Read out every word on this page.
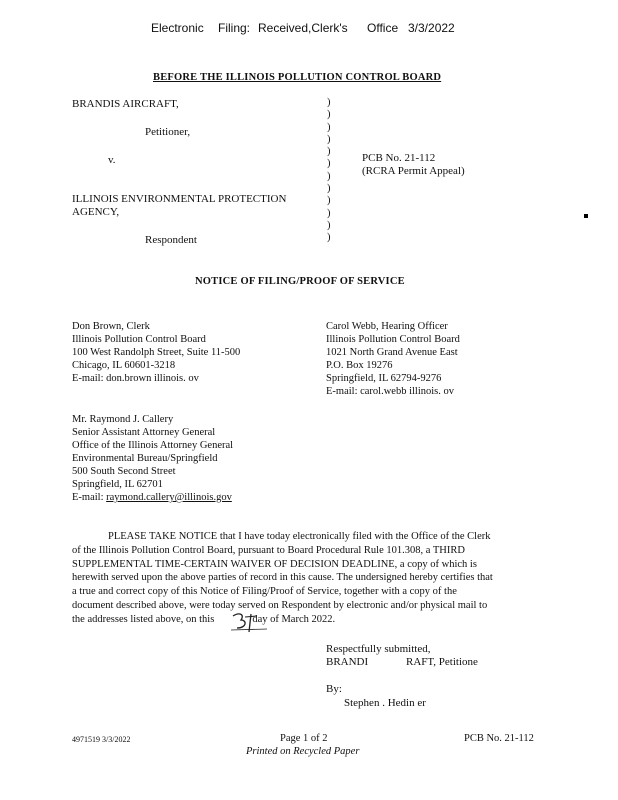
Electronic Filing: Received,Clerk's Office 3/3/2022
BEFORE THE ILLINOIS POLLUTION CONTROL BOARD
BRANDIS AIRCRAFT,
Petitioner,
v.
ILLINOIS ENVIRONMENTAL PROTECTION
AGENCY,
Respondent
)
)
)
)
)
)
)
)
)
)
)
)
PCB No. 21-112
(RCRA Permit Appeal)
NOTICE OF FILING/PROOF OF SERVICE
Don Brown, Clerk
Illinois Pollution Control Board
100 West Randolph Street, Suite 11-500
Chicago, IL 60601-3218
E-mail: don.brown illinois. ov
Carol Webb, Hearing Officer
Illinois Pollution Control Board
1021 North Grand Avenue East
P.O. Box 19276
Springfield, IL 62794-9276
E-mail: carol.webb illinois. ov
Mr. Raymond J. Callery
Senior Assistant Attorney General
Office of the Illinois Attorney General
Environmental Bureau/Springfield
500 South Second Street
Springfield, IL 62701
E-mail: raymond.callery@illinois.gov
PLEASE TAKE NOTICE that I have today electronically filed with the Office of the Clerk
of the Illinois Pollution Control Board, pursuant to Board Procedural Rule 101.308, a THIRD
SUPPLEMENTAL TIME-CERTAIN WAIVER OF DECISION DEADLINE, a copy of which is
herewith served upon the above parties of record in this cause. The undersigned hereby certifies that
a true and correct copy of this Notice of Filing/Proof of Service, together with a copy of the
document described above, were today served on Respondent by electronic and/or physical mail to
the addresses listed above, on this	day of March 2022.
Respectfully submitted,
BRANDI	RAFT, Petitione
By:
Stephen . Hedin er
4971519 3/3/2022	Page 1 of 2
Printed on Recycled Paper
PCB No. 21-112
